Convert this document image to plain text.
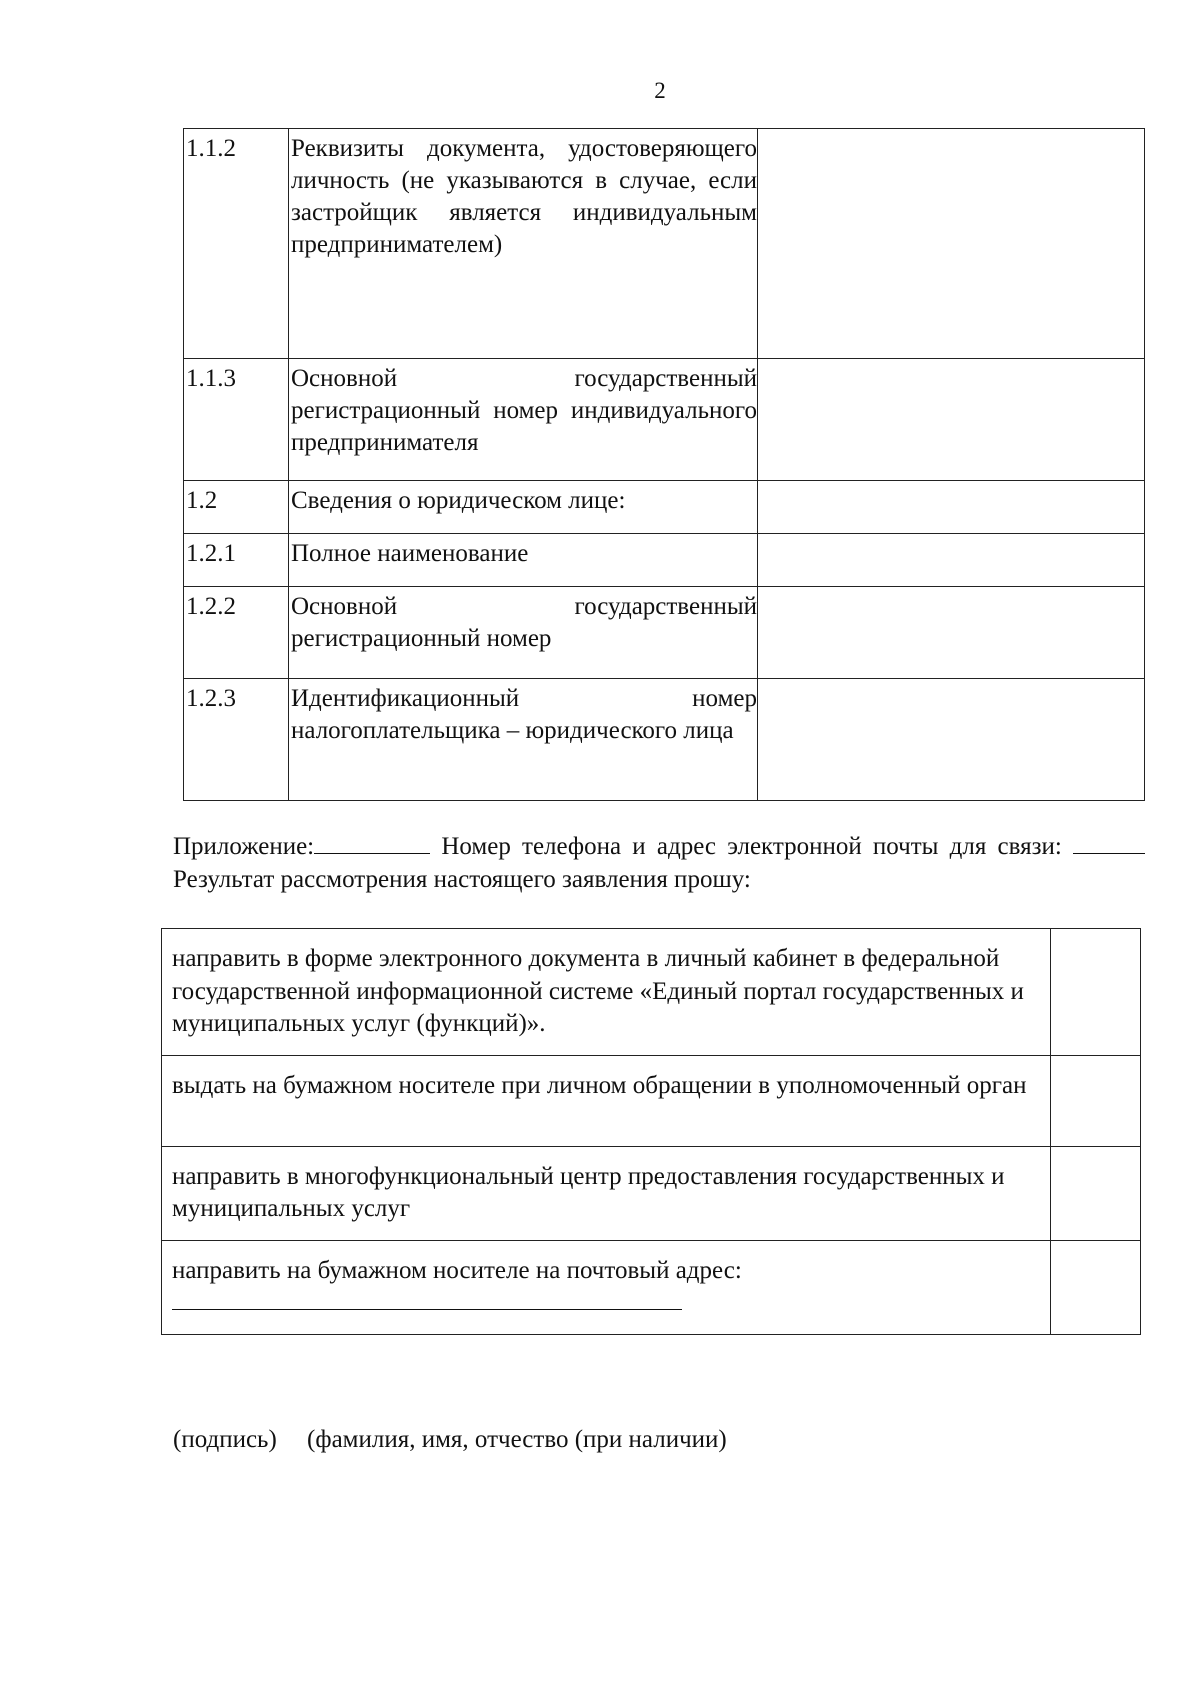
2
1.1.2	Реквизиты документа, удостоверяющего личность (не указываются в случае, если застройщик является индивидуальным предпринимателем)	

1.1.3	Основной государственный регистрационный номер индивидуального предпринимателя	

1.2	Сведения о юридическом лице:	

1.2.1	Полное наименование	

1.2.2	Основной государственный регистрационный номер	

1.2.3	Идентификационный номер налогоплательщика – юридического лица	

Приложение:	Номер телефона и адрес электронной почты для связи:  Результат рассмотрения настоящего заявления прошу:
направить в форме электронного документа в личный кабинет в федеральной государственной информационной системе «Единый портал государственных и муниципальных услуг (функций)».	
выдать на бумажном носителе при личном обращении в уполномоченный орган	
направить в многофункциональный центр предоставления государственных и муниципальных услуг	
направить на бумажном носителе на почтовый адрес:	
(подпись) (фамилия, имя, отчество (при наличии)
